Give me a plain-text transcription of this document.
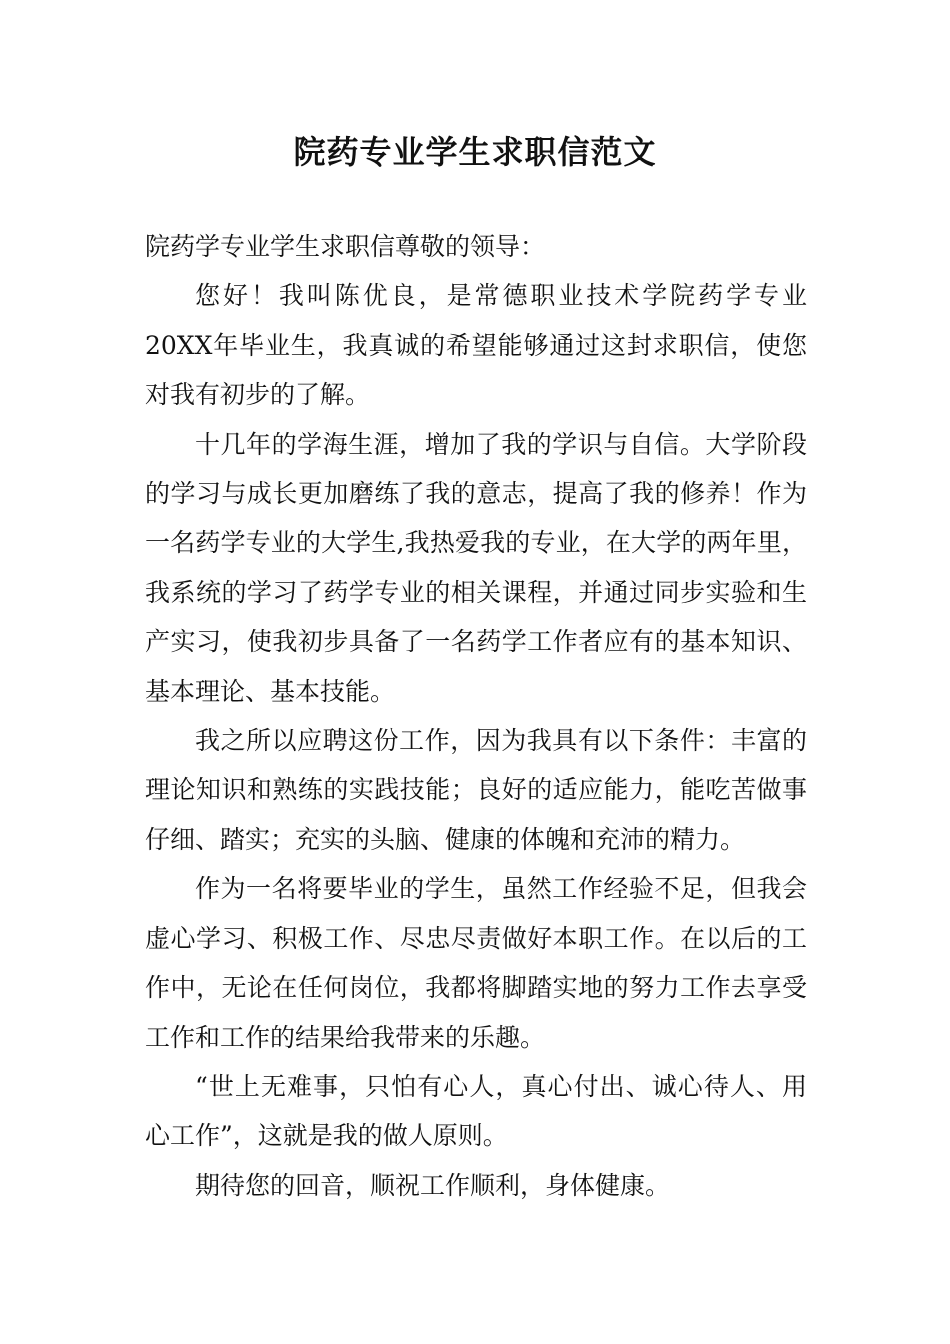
院药专业学生求职信范文

院药学专业学生求职信尊敬的领导：

您好！我叫陈优良，是常德职业技术学院药学专业20XX年毕业生，我真诚的希望能够通过这封求职信，使您对我有初步的了解。

十几年的学海生涯，增加了我的学识与自信。大学阶段的学习与成长更加磨练了我的意志，提高了我的修养！作为一名药学专业的大学生,我热爱我的专业，在大学的两年里，我系统的学习了药学专业的相关课程，并通过同步实验和生产实习，使我初步具备了一名药学工作者应有的基本知识、基本理论、基本技能。

我之所以应聘这份工作，因为我具有以下条件：丰富的理论知识和熟练的实践技能；良好的适应能力，能吃苦做事仔细、踏实；充实的头脑、健康的体魄和充沛的精力。

作为一名将要毕业的学生，虽然工作经验不足，但我会虚心学习、积极工作、尽忠尽责做好本职工作。在以后的工作中，无论在任何岗位，我都将脚踏实地的努力工作去享受工作和工作的结果给我带来的乐趣。

“世上无难事，只怕有心人，真心付出、诚心待人、用心工作”，这就是我的做人原则。

期待您的回音，顺祝工作顺利，身体健康。
